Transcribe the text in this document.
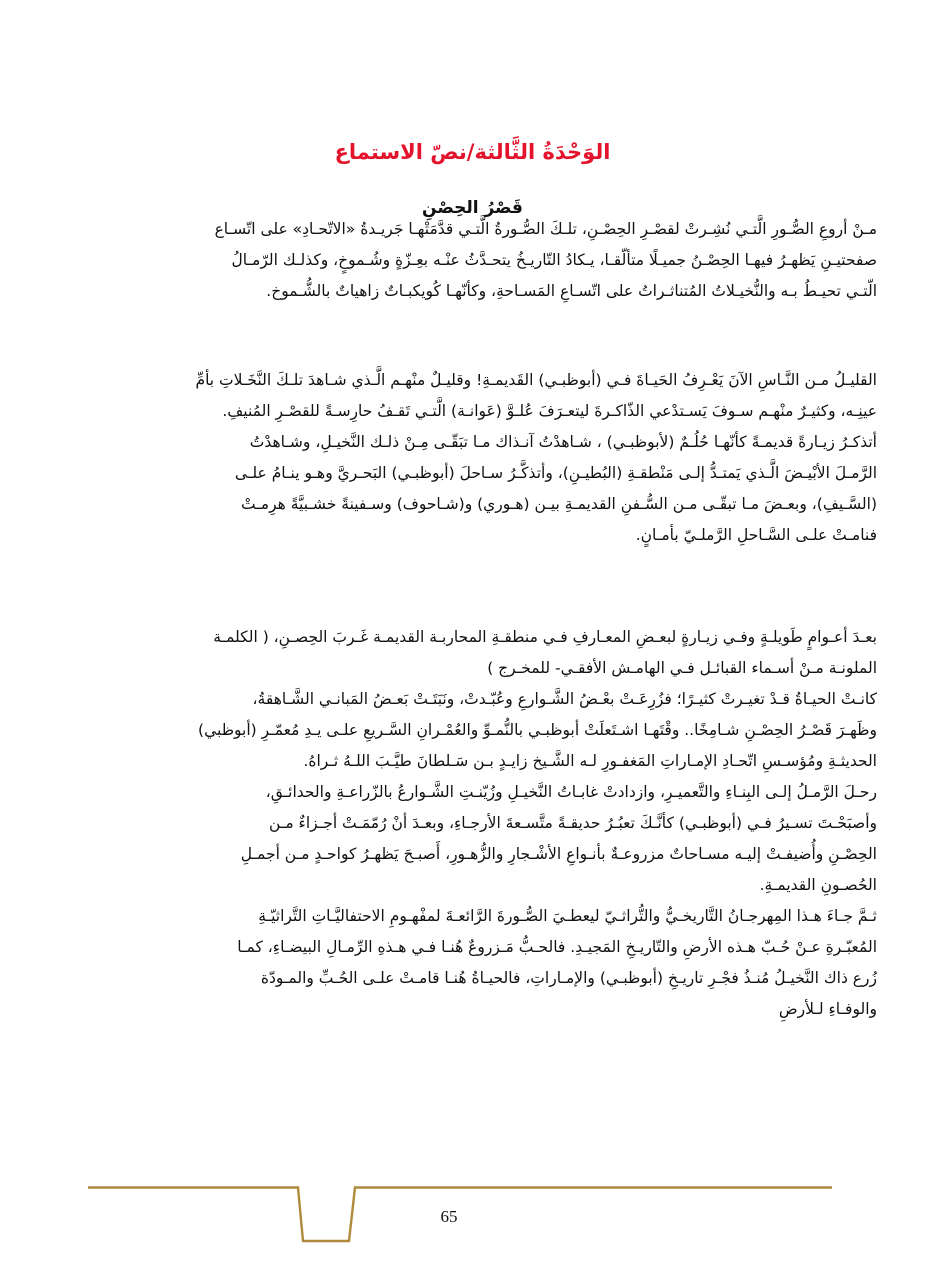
الوَحْدَةُ الثَّالثة/نصّ الاستماع
قَصْرُ الحِصْنِ

مـنْ أروعِ الصُّـورِ الَّتـي نُشِـرتْ لقصْـرِ الحِصْـنِ، تلـكَ الصُّـورةُ الَّتـي قدَّمَتْهـا جَريـدةُ «الاتّحـادِ» على اتّسـاع

صفحتيـنِ يَظهـرُ فيهـا الحِصْـنُ جميـلًا متألّقـا، يـكادُ التّاريـخُ يتحـدَّثُ عنْـه بعِـزّةٍ وشُـموخٍ، وكذلـك الرّمـالُ

الّتـي تحيـطُ بـه والنُّخيـلاتُ المُتناثـراتُ على اتّسـاعِ المَسـاحةِ، وكأنّهـا كُويكبـاتٌ زاهياتٌ بالشُّـموخ.

القليـلُ مـن النَّـاسِ الآنَ يَعْـرِفُ الحَيـاةَ فـي (أبوظبـي) القَديمـةِ! وقليـلٌ منْهـم الَّـذي شـاهدَ تلـكَ النَّخَـلاتِ بأمِّ

عينِـه، وكثيـرٌ منْهـم سـوفَ يَسـتدْعي الذّاكـرةَ ليتعـرَفَ عُلـوَّ (عَوانـة) الَّتـي تَقـفُ حارِسـةً للقصْـرِ المُنيفِ.

أتذكـرُ زيـارةً قديمـةً كأنّهـا حُلُـمٌ (لأبوظبـي) ، شـاهدْتُ آنـذاك مـا تبَقّـى مِـنْ ذلـك النَّخيـلِ، وشـاهدْتُ

الرَّمـلَ الأبْيـضَ الَّـذي يَمتـدُّ إلـى مَنْطقـةِ (البُطيـنِ)، وأتذكَّـرُ سـاحلَ (أبوظبـي) البَحـريَّ وهـو ينـامُ علـى

(السَّـيفِ)، وبعـضَ مـا تبقّـى مـن السُّـفنِ القديمـةِ بيـن (هـوري) و(شـاحوف) وسـفينةً خشـبيَّةً هرِمـتْ

فنامـتْ علـى السَّـاحلِ الرَّملـيّ بأمـانٍ.

بعـدَ أعـوامٍ طَويلـةٍ وفـي زيـارةٍ لبعـضِ المعـارفِ فـي منطقـةِ المحاربـة القديمـة غَـربَ الحِصـنِ، ( الكلمـة

الملونـة مـنْ أسـماء القبائـل فـي الهامـش الأفقـي- للمخـرج )

كانـتْ الحيـاةُ قـدْ تغيـرتْ كثيـرًا؛ فزُرِعَـتْ بعْـضُ الشَّـوارعِ وعُبّـدتْ، ونَبَتَـتْ بَعـضُ المَبانـي الشَّـاهقةُ،

وظَهـرَ قَصْـرُ الحِصْـنِ شـامِخًا.. وقْتَهـا اشـتَعلَتْ أبوظبـي بالنُّمـوِّ والعُمْـرانِ السَّـريعِ علـى يـدِ مُعمّـرِ (أبوظبي)

الحديثـةِ ومُؤسـسِ اتّحـادِ الإمـاراتِ المَغفـورِ لـه الشَّـيخ زايـدٍ بـن سَـلطانَ طيَّـبَ اللـهُ ثـراهُ.

رحـلَ الرَّمـلُ إلـى البِنـاءِ والتَّعميـرِ، وازدادتْ غابـاتُ النَّخيـلِ وزُيّنـتِ الشَّـوارعُ بالزّراعـةِ والحدائـقِ،

وأصبَحْـتَ تسـيرُ فـي (أبوظبـي) كأنَّـكَ تعبُـرُ حديقـةً متَّسـعةَ الأرجـاءِ، وبعـدَ أنْ رُمّمَـتْ أجـزاءٌ مـن

الحِصْـنِ وأُضيفـتْ إليـه مسـاحاتٌ مزروعـةٌ بأنـواعِ الأشْـجارِ والزُّهـورِ، أَصبـحَ يَظهـرُ كواحـدٍ مـن أجمـلِ

الحُصـونِ القديمـةِ.

ثـمَّ جـاءَ هـذا المِهرجـانُ التَّاريخـيُّ والتُّراثـيّ ليعطـيَ الصُّـورةَ الرَّائعـةَ لمفْهـومِ الاحتفاليَّـاتِ التَّراثيّـةِ

المُعبّـرةِ عـنْ حُـبّ هـذه الأرضِ والتّاريـخِ المَجيـدِ. فالحـبُّ مَـزروعٌ هُنـا فـي هـذهِ الرِّمـالِ البيضـاءِ، كمـا

زُرع ذاك النَّخيـلُ مُنـذُ فجْـرِ تاريـخِ (أبوظبـي) والإمـاراتِ، فالحيـاةُ هُنـا قامـتْ علـى الحُـبِّ والمـودّة

والوفـاءِ لـلأرضِ

65
